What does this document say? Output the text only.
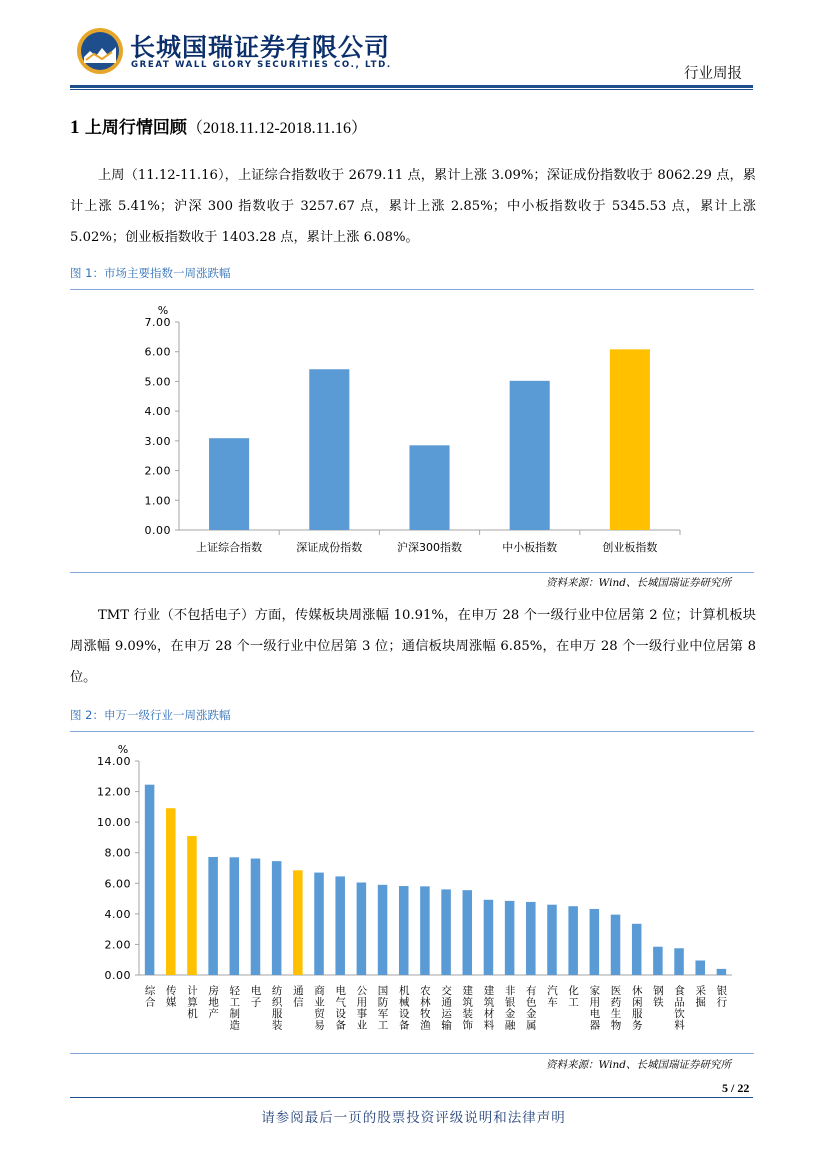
长城国瑞证券有限公司
GREAT WALL GLORY SECURITIES CO., LTD.
行业周报
1 上周行情回顾（2018.11.12-2018.11.16）

上周（11.12-11.16），上证综合指数收于 2679.11 点，累计上涨 3.09%；深证成份指数收于 8062.29 点，累计上涨 5.41%；沪深 300 指数收于 3257.67 点，累计上涨 2.85%；中小板指数收于 5345.53 点，累计上涨 5.02%；创业板指数收于 1403.28 点，累计上涨 6.08%。

图 1：市场主要指数一周涨跌幅
%
0.00
1.00
2.00
3.00
4.00
5.00
6.00
7.00
上证综合指数	深证成份指数	沪深300指数	中小板指数	创业板指数
资料来源：Wind、长城国瑞证券研究所

TMT 行业（不包括电子）方面，传媒板块周涨幅 10.91%，在申万 28 个一级行业中位居第 2 位；计算机板块周涨幅 9.09%，在申万 28 个一级行业中位居第 3 位；通信板块周涨幅 6.85%，在申万 28 个一级行业中位居第 8 位。

图 2：申万一级行业一周涨跌幅
%
0.00
2.00
4.00
6.00
8.00
10.00
12.00
14.00
综合 传媒 计算机 房地产 轻工制造 电子 纺织服装 通信 商业贸易 电气设备 公用事业 国防军工 机械设备 农林牧渔 交通运输 建筑装饰 建筑材料 非银金融 有色金属 汽车 化工 家用电器 医药生物 休闲服务 钢铁 食品饮料 采掘 银行
资料来源：Wind、长城国瑞证券研究所
5 / 22
请参阅最后一页的股票投资评级说明和法律声明
